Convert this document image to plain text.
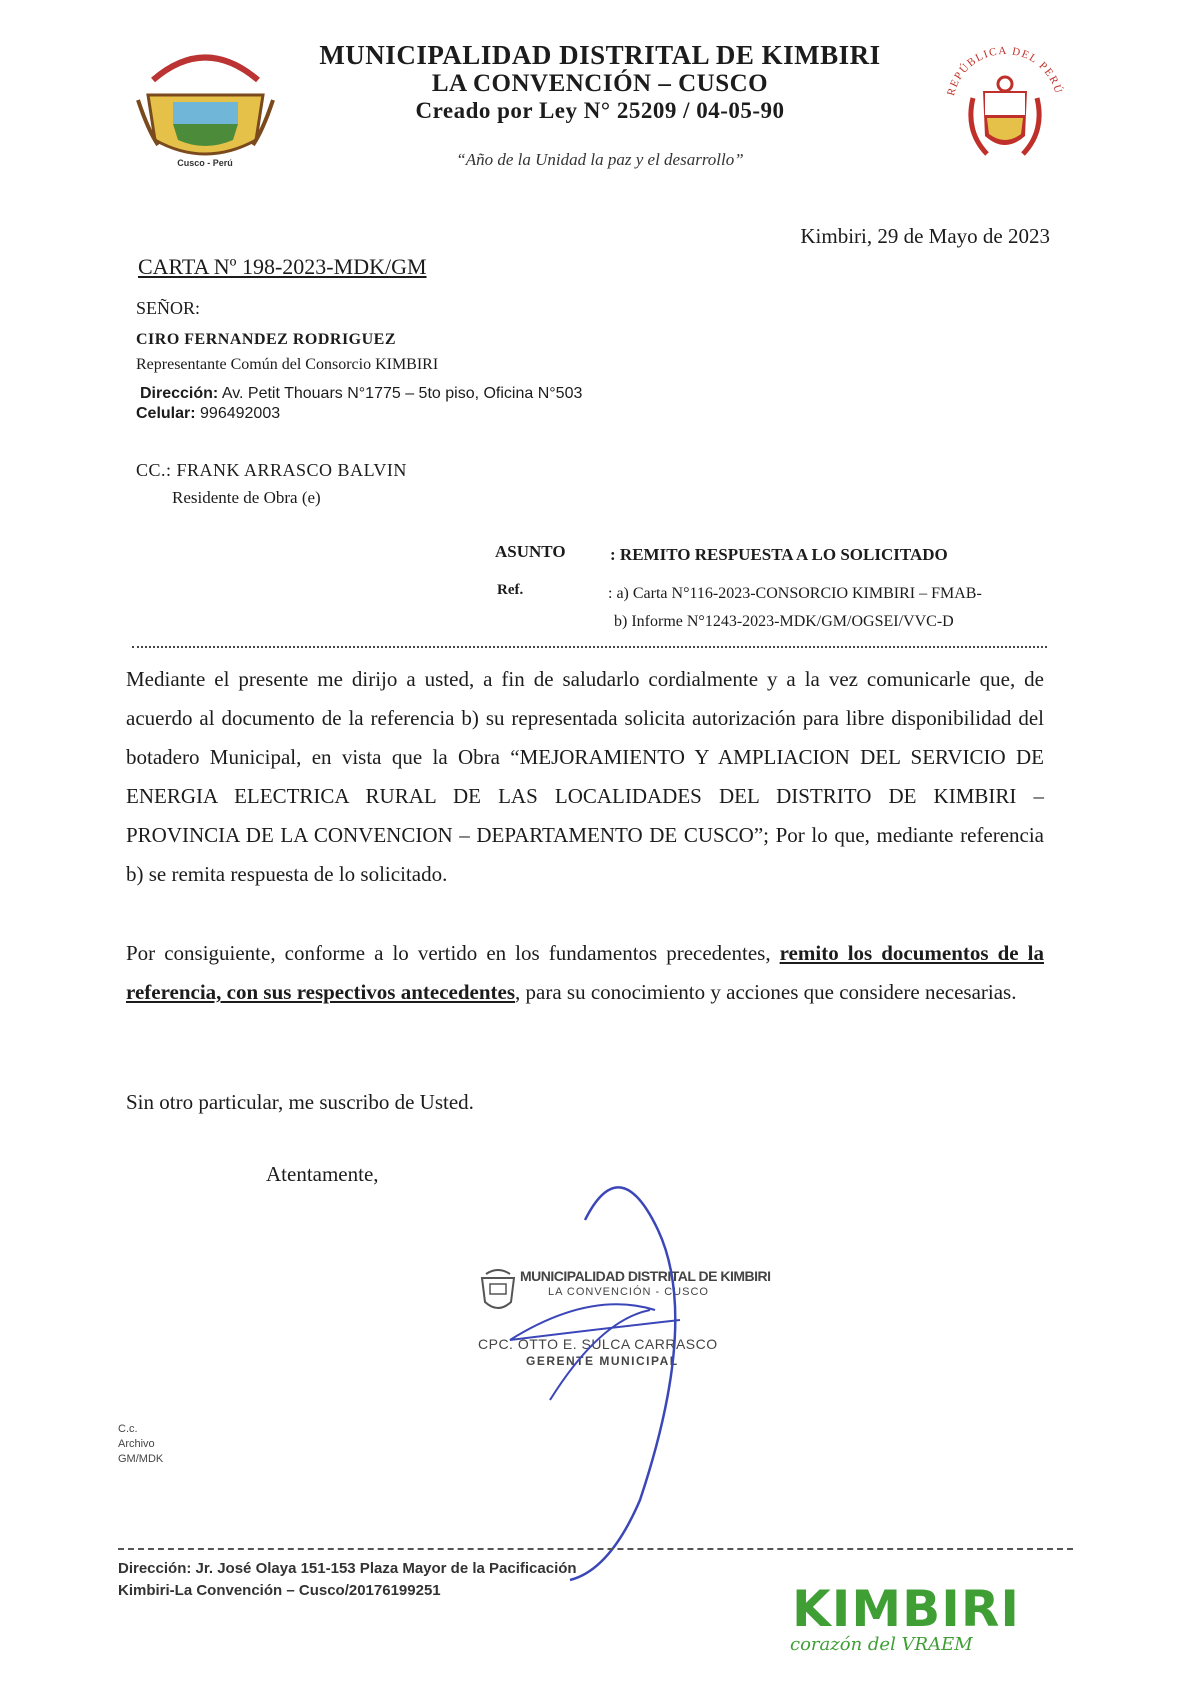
Cusco - Perú
REPÚBLICA DEL PERÚ
MUNICIPALIDAD DISTRITAL DE KIMBIRI
LA CONVENCIÓN – CUSCO
Creado por Ley N° 25209 / 04-05-90
“Año de la Unidad la paz y el desarrollo”
Kimbiri, 29 de Mayo de 2023
CARTA Nº 198-2023-MDK/GM
SEÑOR:
CIRO FERNANDEZ RODRIGUEZ
Representante Común del Consorcio KIMBIRI
Dirección: Av. Petit Thouars N°1775 – 5to piso, Oficina N°503
Celular: 996492003
CC.: FRANK ARRASCO BALVIN
Residente de Obra (e)
ASUNTO	: REMITO RESPUESTA A LO SOLICITADO
Ref.	: a) Carta N°116-2023-CONSORCIO KIMBIRI – FMAB-
b) Informe N°1243-2023-MDK/GM/OGSEI/VVC-D
Mediante el presente me dirijo a usted, a fin de saludarlo cordialmente y a la vez comunicarle que, de acuerdo al documento de la referencia b) su representada solicita autorización para libre disponibilidad del botadero Municipal, en vista que la Obra “MEJORAMIENTO Y AMPLIACION DEL SERVICIO DE ENERGIA ELECTRICA RURAL DE LAS LOCALIDADES DEL DISTRITO DE KIMBIRI – PROVINCIA DE LA CONVENCION – DEPARTAMENTO DE CUSCO”; Por lo que, mediante referencia b) se remita respuesta de lo solicitado.
Por consiguiente, conforme a lo vertido en los fundamentos precedentes, remito los documentos de la referencia, con sus respectivos antecedentes, para su conocimiento y acciones que considere necesarias.
Sin otro particular, me suscribo de Usted.
Atentamente,
MUNICIPALIDAD DISTRITAL DE KIMBIRI
LA CONVENCIÓN - CUSCO
CPC. OTTO E. SULCA CARRASCO
GERENTE MUNICIPAL
C.c.
Archivo
GM/MDK
Dirección: Jr. José Olaya 151-153 Plaza Mayor de la Pacificación
Kimbiri-La Convención – Cusco/20176199251	KIMBIRI
corazón del VRAEM
